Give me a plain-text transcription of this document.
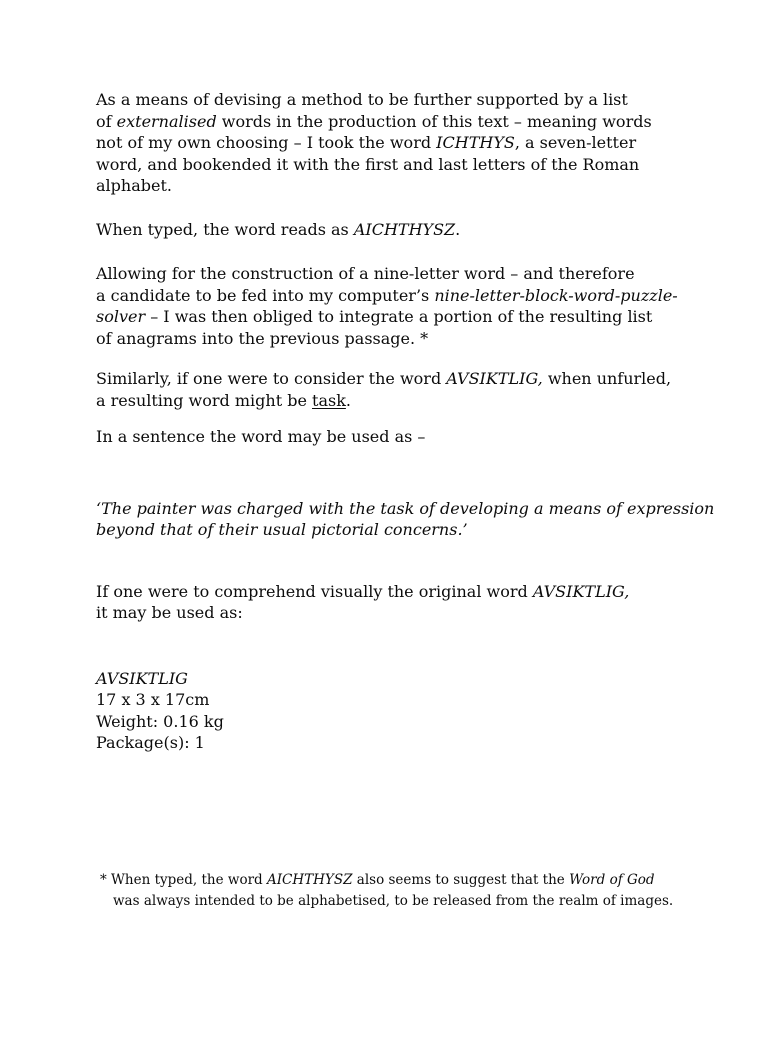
As a means of devising a method to be further supported by a list
of externalised words in the production of this text – meaning words
not of my own choosing – I took the word ICHTHYS, a seven-letter
word, and bookended it with the first and last letters of the Roman
alphabet.

When typed, the word reads as AICHTHYSZ.

Allowing for the construction of a nine-letter word – and therefore
a candidate to be fed into my computer’s nine-letter-block-word-puzzle-
solver – I was then obliged to integrate a portion of the resulting list
of anagrams into the previous passage. *

Similarly, if one were to consider the word AVSIKTLIG, when unfurled,
a resulting word might be task.

In a sentence the word may be used as –

‘The painter was charged with the task of developing a means of expression
beyond that of their usual pictorial concerns.’

If one were to comprehend visually the original word AVSIKTLIG,
it may be used as:

AVSIKTLIG
17 x 3 x 17cm
Weight: 0.16 kg
Package(s): 1

* When typed, the word AICHTHYSZ also seems to suggest that the Word of God
was always intended to be alphabetised, to be released from the realm of images.
